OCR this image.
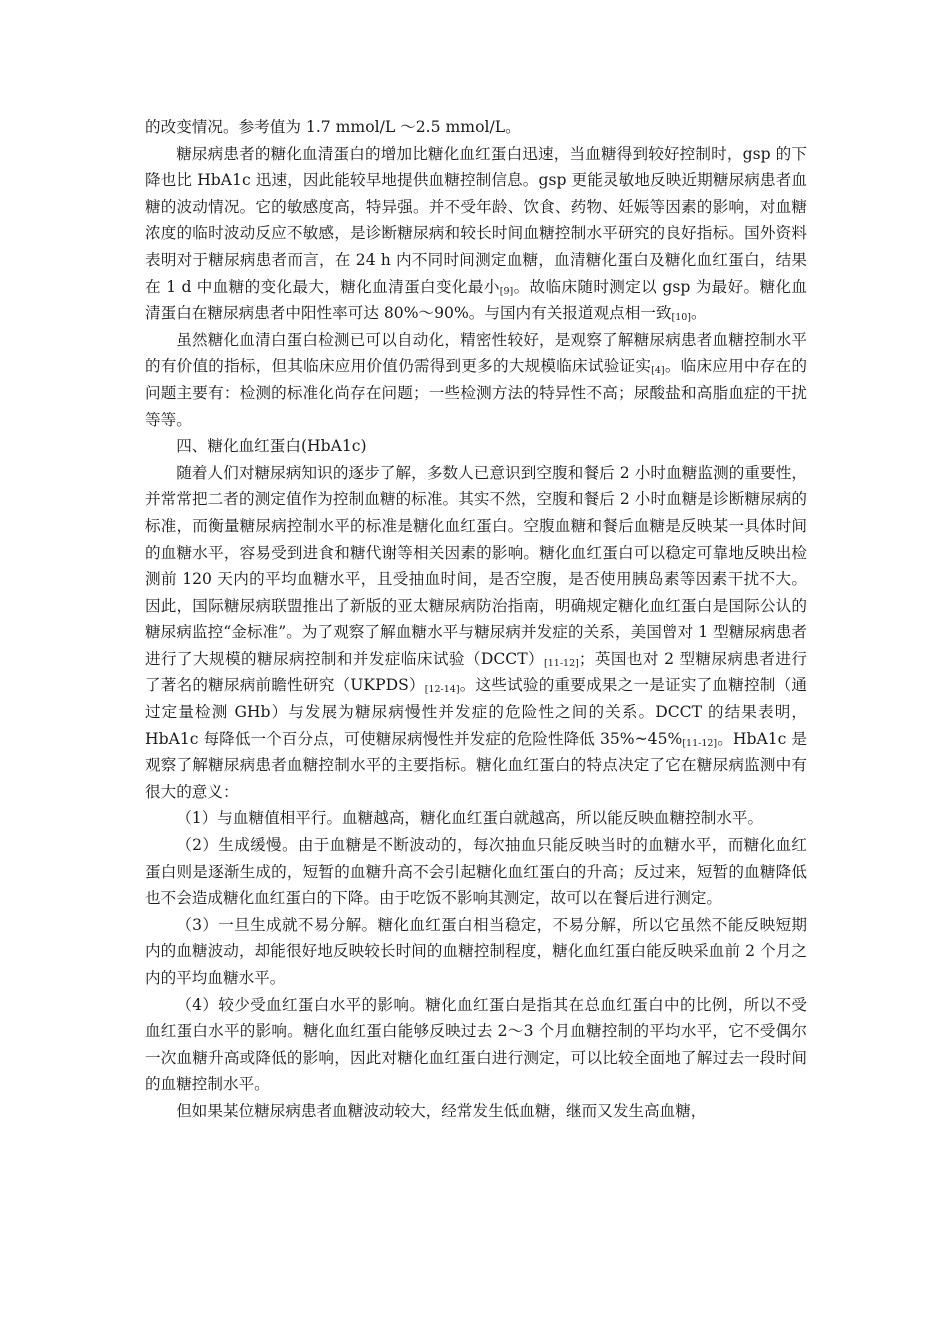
的改变情况。参考值为 1.7 mmol/L ～2.5 mmol/L。

糖尿病患者的糖化血清蛋白的增加比糖化血红蛋白迅速，当血糖得到较好控制时，gsp 的下降也比 HbA1c 迅速，因此能较早地提供血糖控制信息。gsp 更能灵敏地反映近期糖尿病患者血糖的波动情况。它的敏感度高，特异强。并不受年龄、饮食、药物、妊娠等因素的影响，对血糖浓度的临时波动反应不敏感，是诊断糖尿病和较长时间血糖控制水平研究的良好指标。国外资料表明对于糖尿病患者而言，在 24 h 内不同时间测定血糖，血清糖化蛋白及糖化血红蛋白，结果在 1 d 中血糖的变化最大，糖化血清蛋白变化最小$_{[9]}$。故临床随时测定以 gsp 为最好。糖化血清蛋白在糖尿病患者中阳性率可达 80%～90%。与国内有关报道观点相一致$_{[10]}$。

虽然糖化血清白蛋白检测已可以自动化，精密性较好，是观察了解糖尿病患者血糖控制水平的有价值的指标，但其临床应用价值仍需得到更多的大规模临床试验证实$_{[4]}$。临床应用中存在的问题主要有：检测的标准化尚存在问题；一些检测方法的特异性不高；尿酸盐和高脂血症的干扰等等。

四、糖化血红蛋白(HbA1c)

随着人们对糖尿病知识的逐步了解，多数人已意识到空腹和餐后 2 小时血糖监测的重要性，并常常把二者的测定值作为控制血糖的标准。其实不然，空腹和餐后 2 小时血糖是诊断糖尿病的标准，而衡量糖尿病控制水平的标准是糖化血红蛋白。空腹血糖和餐后血糖是反映某一具体时间的血糖水平，容易受到进食和糖代谢等相关因素的影响。糖化血红蛋白可以稳定可靠地反映出检测前 120 天内的平均血糖水平，且受抽血时间，是否空腹，是否使用胰岛素等因素干扰不大。因此，国际糖尿病联盟推出了新版的亚太糖尿病防治指南，明确规定糖化血红蛋白是国际公认的糖尿病监控“金标准”。为了观察了解血糖水平与糖尿病并发症的关系，美国曾对 1 型糖尿病患者进行了大规模的糖尿病控制和并发症临床试验$(DCCT)_{[11-12]}$；英国也对 2 型糖尿病患者进行了著名的糖尿病前瞻性研究$(UKPDS)_{[12-14]}$。这些试验的重要成果之一是证实了血糖控制（通过定量检测 GHb）与发展为糖尿病慢性并发症的危险性之间的关系。DCCT 的结果表明，HbA1c 每降低一个百分点，可使糖尿病慢性并发症的危险性降低 $35\%\sim 45\%_{[11-12]}$。HbA1c 是观察了解糖尿病患者血糖控制水平的主要指标。糖化血红蛋白的特点决定了它在糖尿病监测中有很大的意义：

（1）与血糖值相平行。血糖越高，糖化血红蛋白就越高，所以能反映血糖控制水平。

（2）生成缓慢。由于血糖是不断波动的，每次抽血只能反映当时的血糖水平，而糖化血红蛋白则是逐渐生成的，短暂的血糖升高不会引起糖化血红蛋白的升高；反过来，短暂的血糖降低也不会造成糖化血红蛋白的下降。由于吃饭不影响其测定，故可以在餐后进行测定。

（3）一旦生成就不易分解。糖化血红蛋白相当稳定，不易分解，所以它虽然不能反映短期内的血糖波动，却能很好地反映较长时间的血糖控制程度，糖化血红蛋白能反映采血前 2 个月之内的平均血糖水平。

（4）较少受血红蛋白水平的影响。糖化血红蛋白是指其在总血红蛋白中的比例，所以不受血红蛋白水平的影响。糖化血红蛋白能够反映过去 2～3 个月血糖控制的平均水平，它不受偶尔一次血糖升高或降低的影响，因此对糖化血红蛋白进行测定，可以比较全面地了解过去一段时间的血糖控制水平。

但如果某位糖尿病患者血糖波动较大，经常发生低血糖，继而又发生高血糖，
